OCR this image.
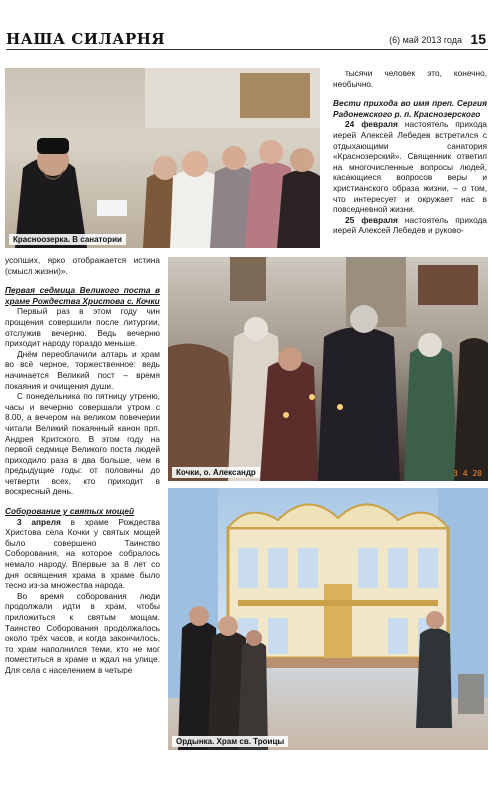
НАША СИЛАРНЯ	(6) май 2013 года 15
Красноозерка. В санатории

тысячи человек это, конечно, необычно.

Вести прихода во имя преп. Сергия Радонежского р. п. Краснозерского

24 февраля настоятель прихода иерей Алексей Лебедев встретился с отдыхающими санатория «Краснозерский». Священник ответил на многочисленные вопросы людей, касающиеся вопросов веры и христианского образа жизни, – о том, что интересует и окружает нас в повседневной жизни.

25 февраля настоятель прихода иерей Алексей Лебедев и руково-

Кочки, о. Александр	3 4 20
Ордынка. Храм св. Троицы

усопших, ярко отображается истина (смысл жизни)».

Первая седмица Великого поста в храме Рождества Христова с. Кочки

Первый раз в этом году чин прощения совершили после литургии, отслужив вечерню. Ведь вечерню приходит народу гораздо меньше.

Днём переоблачили алтарь и храм во всё черное, торжественное: ведь начинается Великий пост – время покаяния и очищения души.

С понедельника по пятницу утреню, часы и вечерню совершали утром с 8.00, а вечером на великом повечерии читали Великий покаянный канон прп. Андрея Критского. В этом году на первой седмице Великого поста людей приходило раза в два больше, чем в предыдущие годы: от половины до четверти всех, кто приходит в воскресный день.

Соборование у святых мощей

3 апреля в храме Рождества Христова села Кочки у святых мощей было совершено Таинство Соборования, на которое собралось немало народу. Впервые за 8 лет со дня освящения храма в храме было тесно из-за множества народа.

Во время соборования люди продолжали идти в храм, чтобы приложиться к святым мощам. Таинство Соборования продолжалось около трёх часов, и когда закончилось, то храм наполнился теми, кто не мог поместиться в храме и ждал на улице. Для села с населением в четыре
